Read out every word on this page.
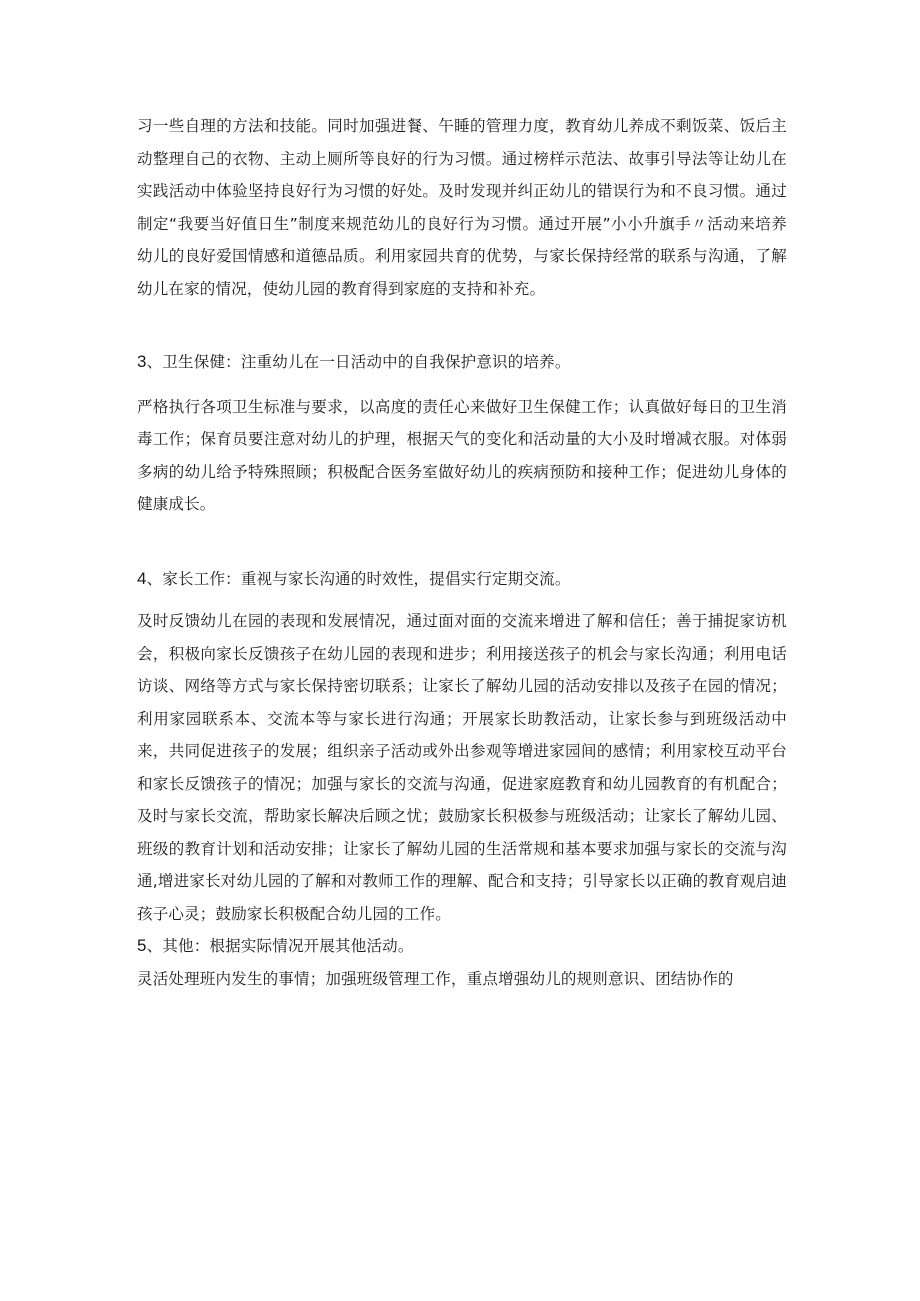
习一些自理的方法和技能。同时加强进餐、午睡的管理力度，教育幼儿养成不剩饭菜、饭后主动整理自己的衣物、主动上厕所等良好的行为习惯。通过榜样示范法、故事引导法等让幼儿在实践活动中体验坚持良好行为习惯的好处。及时发现并纠正幼儿的错误行为和不良习惯。通过制定“我要当好值日生”制度来规范幼儿的良好行为习惯。通过开展”小小升旗手〃活动来培养幼儿的良好爱国情感和道德品质。利用家园共育的优势，与家长保持经常的联系与沟通，了解幼儿在家的情况，使幼儿园的教育得到家庭的支持和补充。

3、卫生保健：注重幼儿在一日活动中的自我保护意识的培养。

严格执行各项卫生标准与要求，以高度的责任心来做好卫生保健工作；认真做好每日的卫生消毒工作；保育员要注意对幼儿的护理，根据天气的变化和活动量的大小及时增减衣服。对体弱多病的幼儿给予特殊照顾；积极配合医务室做好幼儿的疾病预防和接种工作；促进幼儿身体的健康成长。

4、家长工作：重视与家长沟通的时效性，提倡实行定期交流。

及时反馈幼儿在园的表现和发展情况，通过面对面的交流来增进了解和信任；善于捕捉家访机会，积极向家长反馈孩子在幼儿园的表现和进步；利用接送孩子的机会与家长沟通；利用电话访谈、网络等方式与家长保持密切联系；让家长了解幼儿园的活动安排以及孩子在园的情况；利用家园联系本、交流本等与家长进行沟通；开展家长助教活动，让家长参与到班级活动中来，共同促进孩子的发展；组织亲子活动或外出参观等增进家园间的感情；利用家校互动平台和家长反馈孩子的情况；加强与家长的交流与沟通，促进家庭教育和幼儿园教育的有机配合；及时与家长交流，帮助家长解决后顾之忧；鼓励家长积极参与班级活动；让家长了解幼儿园、班级的教育计划和活动安排；让家长了解幼儿园的生活常规和基本要求加强与家长的交流与沟通,增进家长对幼儿园的了解和对教师工作的理解、配合和支持；引导家长以正确的教育观启迪孩子心灵；鼓励家长积极配合幼儿园的工作。

5、其他：根据实际情况开展其他活动。

灵活处理班内发生的事情；加强班级管理工作，重点增强幼儿的规则意识、团结协作的
